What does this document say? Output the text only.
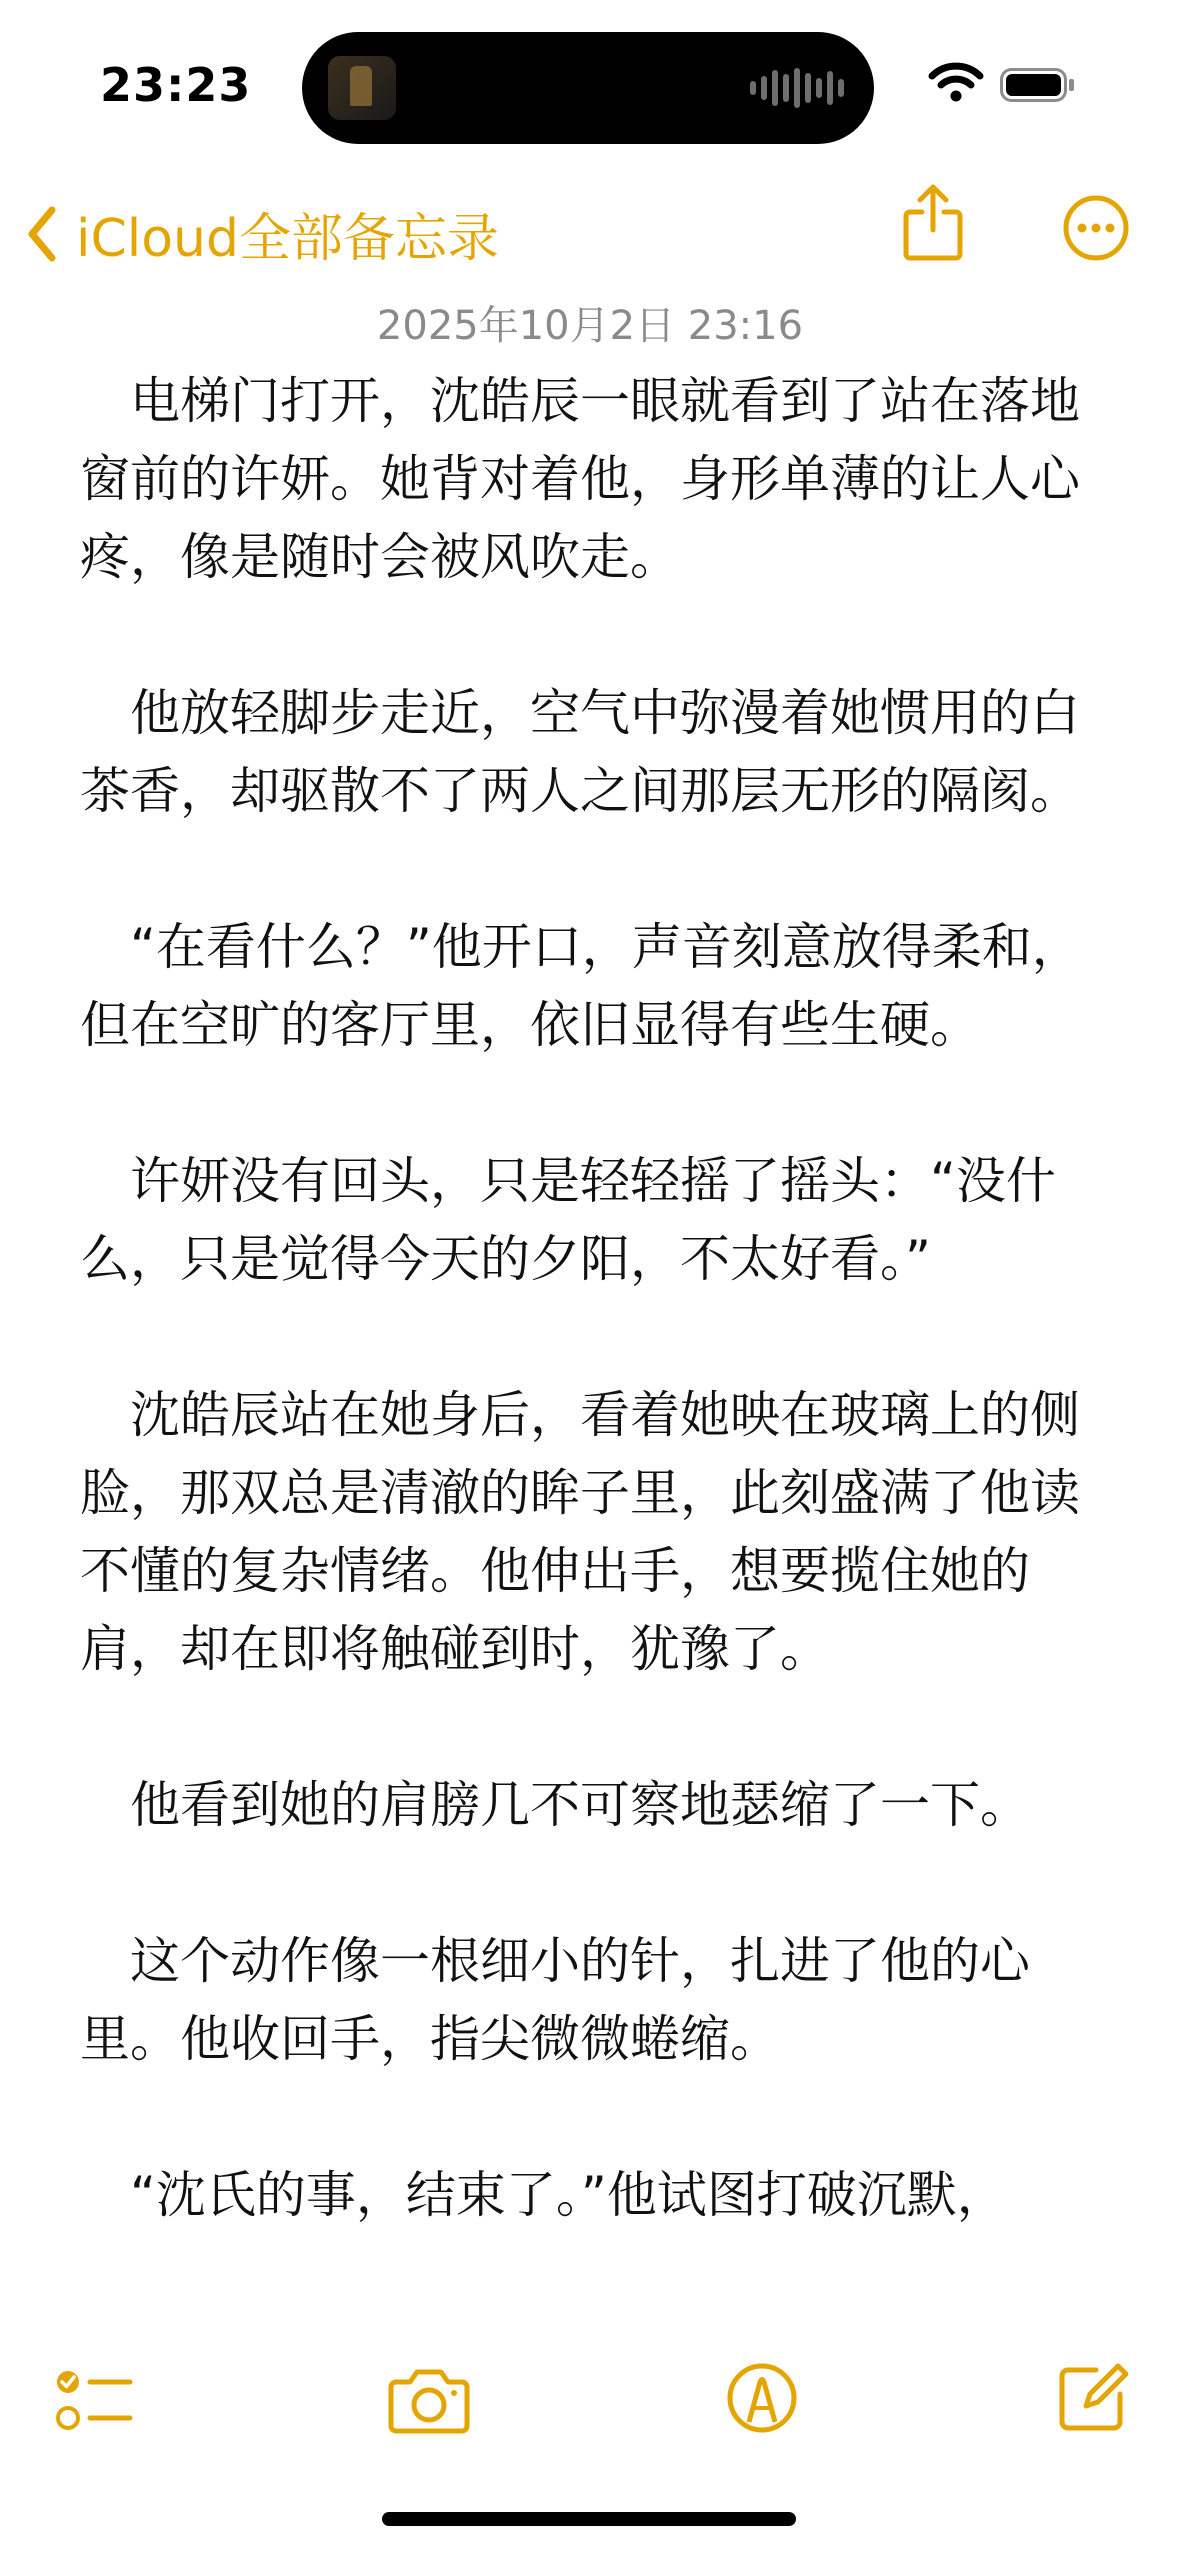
23:23
iCloud全部备忘录
2025年10月2日 23:16

电梯门打开，沈皓辰一眼就看到了站在落地窗前的许妍。她背对着他，身形单薄的让人心疼，像是随时会被风吹走。

他放轻脚步走近，空气中弥漫着她惯用的白茶香，却驱散不了两人之间那层无形的隔阂。

“在看什么？”他开口，声音刻意放得柔和，但在空旷的客厅里，依旧显得有些生硬。

许妍没有回头，只是轻轻摇了摇头：“没什么，只是觉得今天的夕阳，不太好看。”

沈皓辰站在她身后，看着她映在玻璃上的侧脸，那双总是清澈的眸子里，此刻盛满了他读不懂的复杂情绪。他伸出手，想要揽住她的肩，却在即将触碰到时，犹豫了。

他看到她的肩膀几不可察地瑟缩了一下。

这个动作像一根细小的针，扎进了他的心里。他收回手，指尖微微蜷缩。

“沈氏的事，结束了。”他试图打破沉默，
